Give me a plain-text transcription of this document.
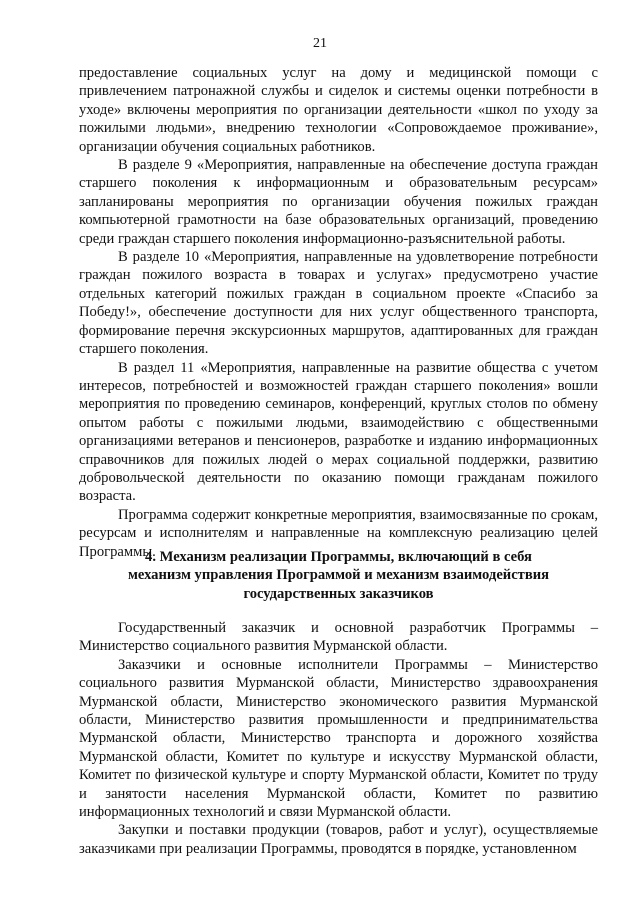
21

предоставление социальных услуг на дому и медицинской помощи с привлечением патронажной службы и сиделок и системы оценки потребности в уходе» включены мероприятия по организации деятельности «школ по уходу за пожилыми людьми», внедрению технологии «Сопровождаемое проживание», организации обучения социальных работников.

В разделе 9 «Мероприятия, направленные на обеспечение доступа граждан старшего поколения к информационным и образовательным ресурсам» запланированы мероприятия по организации обучения пожилых граждан компьютерной грамотности на базе образовательных организаций, проведению среди граждан старшего поколения информационно-разъяснительной работы.

В разделе 10 «Мероприятия, направленные на удовлетворение потребности граждан пожилого возраста в товарах и услугах» предусмотрено участие отдельных категорий пожилых граждан в социальном проекте «Спасибо за Победу!», обеспечение доступности для них услуг общественного транспорта, формирование перечня экскурсионных маршрутов, адаптированных для граждан старшего поколения.

В раздел 11 «Мероприятия, направленные на развитие общества с учетом интересов, потребностей и возможностей граждан старшего поколения» вошли мероприятия по проведению семинаров, конференций, круглых столов по обмену опытом работы с пожилыми людьми, взаимодействию с общественными организациями ветеранов и пенсионеров, разработке и изданию информационных справочников для пожилых людей о мерах социальной поддержки, развитию добровольческой деятельности по оказанию помощи гражданам пожилого возраста.

Программа содержит конкретные мероприятия, взаимосвязанные по срокам, ресурсам и исполнителям и направленные на комплексную реализацию целей Программы.

4. Механизм реализации Программы, включающий в себя
механизм управления Программой и механизм взаимодействия
государственных заказчиков

Государственный заказчик и основной разработчик Программы – Министерство социального развития Мурманской области.

Заказчики и основные исполнители Программы – Министерство социального развития Мурманской области, Министерство здравоохранения Мурманской области, Министерство экономического развития Мурманской области, Министерство развития промышленности и предпринимательства Мурманской области, Министерство транспорта и дорожного хозяйства Мурманской области, Комитет по культуре и искусству Мурманской области, Комитет по физической культуре и спорту Мурманской области, Комитет по труду и занятости населения Мурманской области, Комитет по развитию информационных технологий и связи Мурманской области.

Закупки и поставки продукции (товаров, работ и услуг), осуществляемые заказчиками при реализации Программы, проводятся в порядке, установленном
